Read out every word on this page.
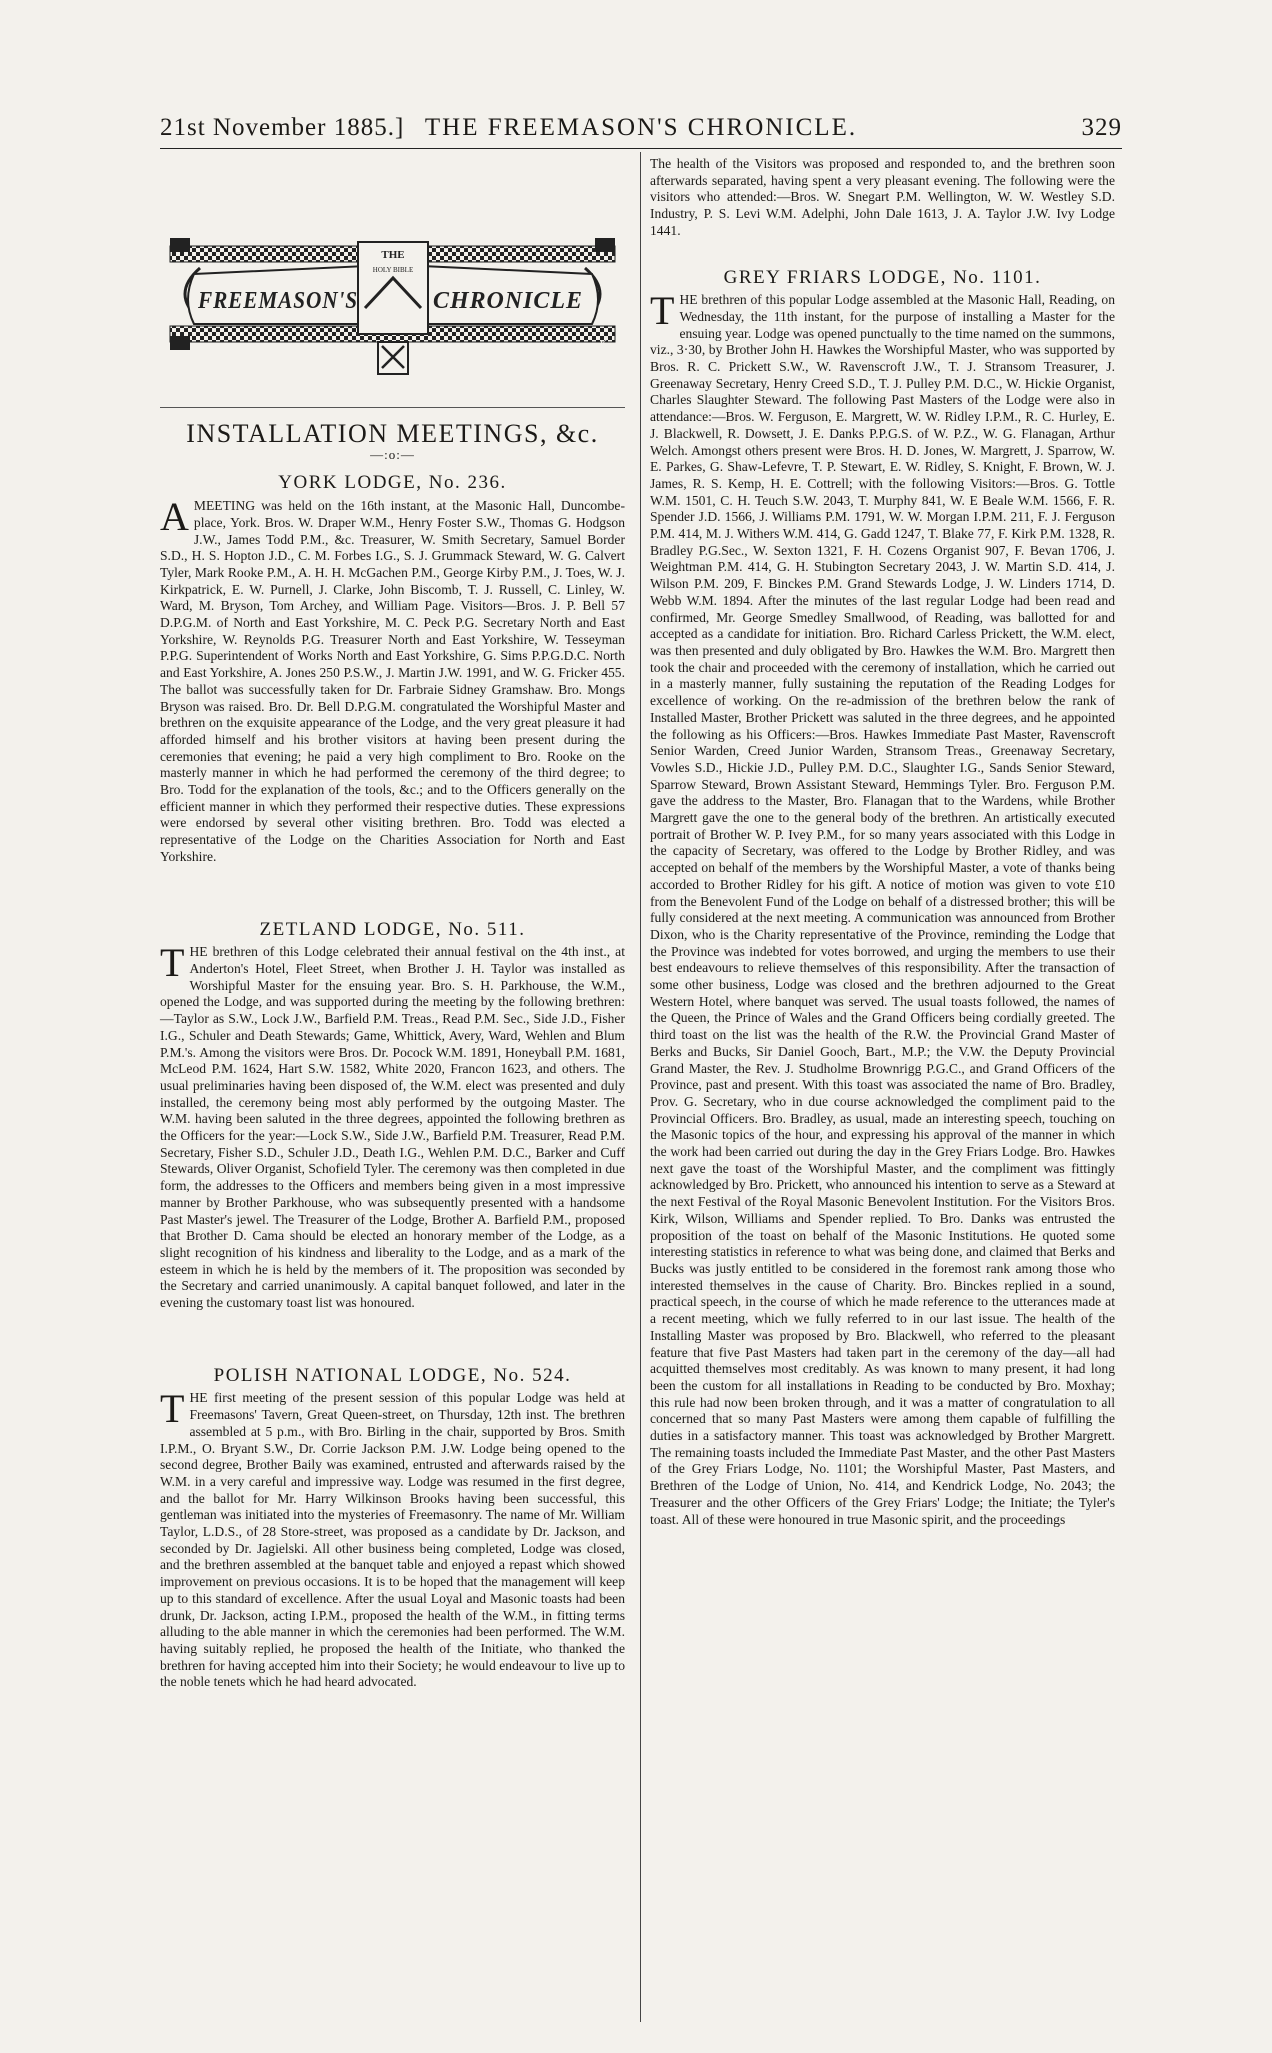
21st November 1885.] THE FREEMASON'S CHRONICLE.	329
K
THE
HOLY BIBLE
FREEMASON'S	CHRONICLE
INSTALLATION MEETINGS, &c.
—:o:—
YORK LODGE, No. 236.

AMEETING was held on the 16th instant, at the Masonic Hall, Duncombe-place, York. Bros. W. Draper W.M., Henry Foster S.W., Thomas G. Hodgson J.W., James Todd P.M., &c. Treasurer, W. Smith Secretary, Samuel Border S.D., H. S. Hopton J.D., C. M. Forbes I.G., S. J. Grummack Steward, W. G. Calvert Tyler, Mark Rooke P.M., A. H. H. McGachen P.M., George Kirby P.M., J. Toes, W. J. Kirkpatrick, E. W. Purnell, J. Clarke, John Biscomb, T. J. Russell, C. Linley, W. Ward, M. Bryson, Tom Archey, and William Page. Visitors—Bros. J. P. Bell 57 D.P.G.M. of North and East Yorkshire, M. C. Peck P.G. Secretary North and East Yorkshire, W. Reynolds P.G. Treasurer North and East Yorkshire, W. Tesseyman P.P.G. Superintendent of Works North and East Yorkshire, G. Sims P.P.G.D.C. North and East Yorkshire, A. Jones 250 P.S.W., J. Martin J.W. 1991, and W. G. Fricker 455. The ballot was successfully taken for Dr. Farbraie Sidney Gramshaw. Bro. Mongs Bryson was raised. Bro. Dr. Bell D.P.G.M. congratulated the Worshipful Master and brethren on the exquisite appearance of the Lodge, and the very great pleasure it had afforded himself and his brother visitors at having been present during the ceremonies that evening; he paid a very high compliment to Bro. Rooke on the masterly manner in which he had performed the ceremony of the third degree; to Bro. Todd for the explanation of the tools, &c.; and to the Officers generally on the efficient manner in which they performed their respective duties. These expressions were endorsed by several other visiting brethren. Bro. Todd was elected a representative of the Lodge on the Charities Association for North and East Yorkshire.

ZETLAND LODGE, No. 511.

THE brethren of this Lodge celebrated their annual festival on the 4th inst., at Anderton's Hotel, Fleet Street, when Brother J. H. Taylor was installed as Worshipful Master for the ensuing year. Bro. S. H. Parkhouse, the W.M., opened the Lodge, and was supported during the meeting by the following brethren:—Taylor as S.W., Lock J.W., Barfield P.M. Treas., Read P.M. Sec., Side J.D., Fisher I.G., Schuler and Death Stewards; Game, Whittick, Avery, Ward, Wehlen and Blum P.M.'s. Among the visitors were Bros. Dr. Pocock W.M. 1891, Honeyball P.M. 1681, McLeod P.M. 1624, Hart S.W. 1582, White 2020, Francon 1623, and others. The usual preliminaries having been disposed of, the W.M. elect was presented and duly installed, the ceremony being most ably performed by the outgoing Master. The W.M. having been saluted in the three degrees, appointed the following brethren as the Officers for the year:—Lock S.W., Side J.W., Barfield P.M. Treasurer, Read P.M. Secretary, Fisher S.D., Schuler J.D., Death I.G., Wehlen P.M. D.C., Barker and Cuff Stewards, Oliver Organist, Schofield Tyler. The ceremony was then completed in due form, the addresses to the Officers and members being given in a most impressive manner by Brother Parkhouse, who was subsequently presented with a handsome Past Master's jewel. The Treasurer of the Lodge, Brother A. Barfield P.M., proposed that Brother D. Cama should be elected an honorary member of the Lodge, as a slight recognition of his kindness and liberality to the Lodge, and as a mark of the esteem in which he is held by the members of it. The proposition was seconded by the Secretary and carried unanimously. A capital banquet followed, and later in the evening the customary toast list was honoured.

POLISH NATIONAL LODGE, No. 524.

THE first meeting of the present session of this popular Lodge was held at Freemasons' Tavern, Great Queen-street, on Thursday, 12th inst. The brethren assembled at 5 p.m., with Bro. Birling in the chair, supported by Bros. Smith I.P.M., O. Bryant S.W., Dr. Corrie Jackson P.M. J.W. Lodge being opened to the second degree, Brother Baily was examined, entrusted and afterwards raised by the W.M. in a very careful and impressive way. Lodge was resumed in the first degree, and the ballot for Mr. Harry Wilkinson Brooks having been successful, this gentleman was initiated into the mysteries of Freemasonry. The name of Mr. William Taylor, L.D.S., of 28 Store-street, was proposed as a candidate by Dr. Jackson, and seconded by Dr. Jagielski. All other business being completed, Lodge was closed, and the brethren assembled at the banquet table and enjoyed a repast which showed improvement on previous occasions. It is to be hoped that the management will keep up to this standard of excellence. After the usual Loyal and Masonic toasts had been drunk, Dr. Jackson, acting I.P.M., proposed the health of the W.M., in fitting terms alluding to the able manner in which the ceremonies had been performed. The W.M. having suitably replied, he proposed the health of the Initiate, who thanked the brethren for having accepted him into their Society; he would endeavour to live up to the noble tenets which he had heard advocated.

The health of the Visitors was proposed and responded to, and the brethren soon afterwards separated, having spent a very pleasant evening. The following were the visitors who attended:—Bros. W. Snegart P.M. Wellington, W. W. Westley S.D. Industry, P. S. Levi W.M. Adelphi, John Dale 1613, J. A. Taylor J.W. Ivy Lodge 1441.

GREY FRIARS LODGE, No. 1101.

THE brethren of this popular Lodge assembled at the Masonic Hall, Reading, on Wednesday, the 11th instant, for the purpose of installing a Master for the ensuing year. Lodge was opened punctually to the time named on the summons, viz., 3·30, by Brother John H. Hawkes the Worshipful Master, who was supported by Bros. R. C. Prickett S.W., W. Ravenscroft J.W., T. J. Stransom Treasurer, J. Greenaway Secretary, Henry Creed S.D., T. J. Pulley P.M. D.C., W. Hickie Organist, Charles Slaughter Steward. The following Past Masters of the Lodge were also in attendance:—Bros. W. Ferguson, E. Margrett, W. W. Ridley I.P.M., R. C. Hurley, E. J. Blackwell, R. Dowsett, J. E. Danks P.P.G.S. of W. P.Z., W. G. Flanagan, Arthur Welch. Amongst others present were Bros. H. D. Jones, W. Margrett, J. Sparrow, W. E. Parkes, G. Shaw-Lefevre, T. P. Stewart, E. W. Ridley, S. Knight, F. Brown, W. J. James, R. S. Kemp, H. E. Cottrell; with the following Visitors:—Bros. G. Tottle W.M. 1501, C. H. Teuch S.W. 2043, T. Murphy 841, W. E Beale W.M. 1566, F. R. Spender J.D. 1566, J. Williams P.M. 1791, W. W. Morgan I.P.M. 211, F. J. Ferguson P.M. 414, M. J. Withers W.M. 414, G. Gadd 1247, T. Blake 77, F. Kirk P.M. 1328, R. Bradley P.G.Sec., W. Sexton 1321, F. H. Cozens Organist 907, F. Bevan 1706, J. Weightman P.M. 414, G. H. Stubington Secretary 2043, J. W. Martin S.D. 414, J. Wilson P.M. 209, F. Binckes P.M. Grand Stewards Lodge, J. W. Linders 1714, D. Webb W.M. 1894. After the minutes of the last regular Lodge had been read and confirmed, Mr. George Smedley Smallwood, of Reading, was ballotted for and accepted as a candidate for initiation. Bro. Richard Carless Prickett, the W.M. elect, was then presented and duly obligated by Bro. Hawkes the W.M. Bro. Margrett then took the chair and proceeded with the ceremony of installation, which he carried out in a masterly manner, fully sustaining the reputation of the Reading Lodges for excellence of working. On the re-admission of the brethren below the rank of Installed Master, Brother Prickett was saluted in the three degrees, and he appointed the following as his Officers:—Bros. Hawkes Immediate Past Master, Ravenscroft Senior Warden, Creed Junior Warden, Stransom Treas., Greenaway Secretary, Vowles S.D., Hickie J.D., Pulley P.M. D.C., Slaughter I.G., Sands Senior Steward, Sparrow Steward, Brown Assistant Steward, Hemmings Tyler. Bro. Ferguson P.M. gave the address to the Master, Bro. Flanagan that to the Wardens, while Brother Margrett gave the one to the general body of the brethren. An artistically executed portrait of Brother W. P. Ivey P.M., for so many years associated with this Lodge in the capacity of Secretary, was offered to the Lodge by Brother Ridley, and was accepted on behalf of the members by the Worshipful Master, a vote of thanks being accorded to Brother Ridley for his gift. A notice of motion was given to vote £10 from the Benevolent Fund of the Lodge on behalf of a distressed brother; this will be fully considered at the next meeting. A communication was announced from Brother Dixon, who is the Charity representative of the Province, reminding the Lodge that the Province was indebted for votes borrowed, and urging the members to use their best endeavours to relieve themselves of this responsibility. After the transaction of some other business, Lodge was closed and the brethren adjourned to the Great Western Hotel, where banquet was served. The usual toasts followed, the names of the Queen, the Prince of Wales and the Grand Officers being cordially greeted. The third toast on the list was the health of the R.W. the Provincial Grand Master of Berks and Bucks, Sir Daniel Gooch, Bart., M.P.; the V.W. the Deputy Provincial Grand Master, the Rev. J. Studholme Brownrigg P.G.C., and Grand Officers of the Province, past and present. With this toast was associated the name of Bro. Bradley, Prov. G. Secretary, who in due course acknowledged the compliment paid to the Provincial Officers. Bro. Bradley, as usual, made an interesting speech, touching on the Masonic topics of the hour, and expressing his approval of the manner in which the work had been carried out during the day in the Grey Friars Lodge. Bro. Hawkes next gave the toast of the Worshipful Master, and the compliment was fittingly acknowledged by Bro. Prickett, who announced his intention to serve as a Steward at the next Festival of the Royal Masonic Benevolent Institution. For the Visitors Bros. Kirk, Wilson, Williams and Spender replied. To Bro. Danks was entrusted the proposition of the toast on behalf of the Masonic Institutions. He quoted some interesting statistics in reference to what was being done, and claimed that Berks and Bucks was justly entitled to be considered in the foremost rank among those who interested themselves in the cause of Charity. Bro. Binckes replied in a sound, practical speech, in the course of which he made reference to the utterances made at a recent meeting, which we fully referred to in our last issue. The health of the Installing Master was proposed by Bro. Blackwell, who referred to the pleasant feature that five Past Masters had taken part in the ceremony of the day—all had acquitted themselves most creditably. As was known to many present, it had long been the custom for all installations in Reading to be conducted by Bro. Moxhay; this rule had now been broken through, and it was a matter of congratulation to all concerned that so many Past Masters were among them capable of fulfilling the duties in a satisfactory manner. This toast was acknowledged by Brother Margrett. The remaining toasts included the Immediate Past Master, and the other Past Masters of the Grey Friars Lodge, No. 1101; the Worshipful Master, Past Masters, and Brethren of the Lodge of Union, No. 414, and Kendrick Lodge, No. 2043; the Treasurer and the other Officers of the Grey Friars' Lodge; the Initiate; the Tyler's toast. All of these were honoured in true Masonic spirit, and the proceedings
